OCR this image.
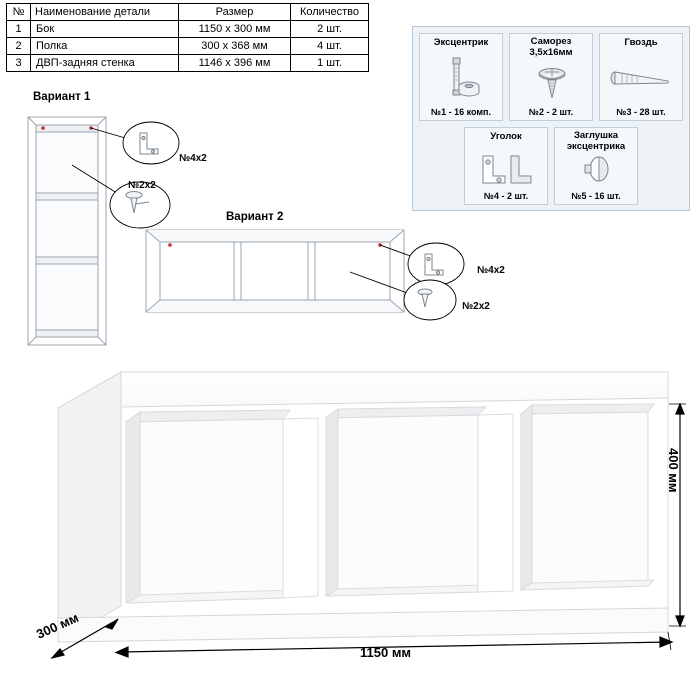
№	Наименование детали	Размер	Количество
1	Бок	1150 x 300 мм	2 шт.
2	Полка	300 x 368 мм	4 шт.
3	ДВП-задняя стенка	1146 x 396 мм	1 шт.
Эксцентрик
№1 - 16 комп.
Саморез
3,5x16мм
№2 - 2 шт.
Гвоздь
№3 - 28 шт.
Уголок
№4 - 2 шт.
Заглушка
эксцентрика
№5 - 16 шт.
Вариант 1
№4x2
№2x2
Вариант 2
№4x2
№2x2
400 мм
1150 мм
300 мм
